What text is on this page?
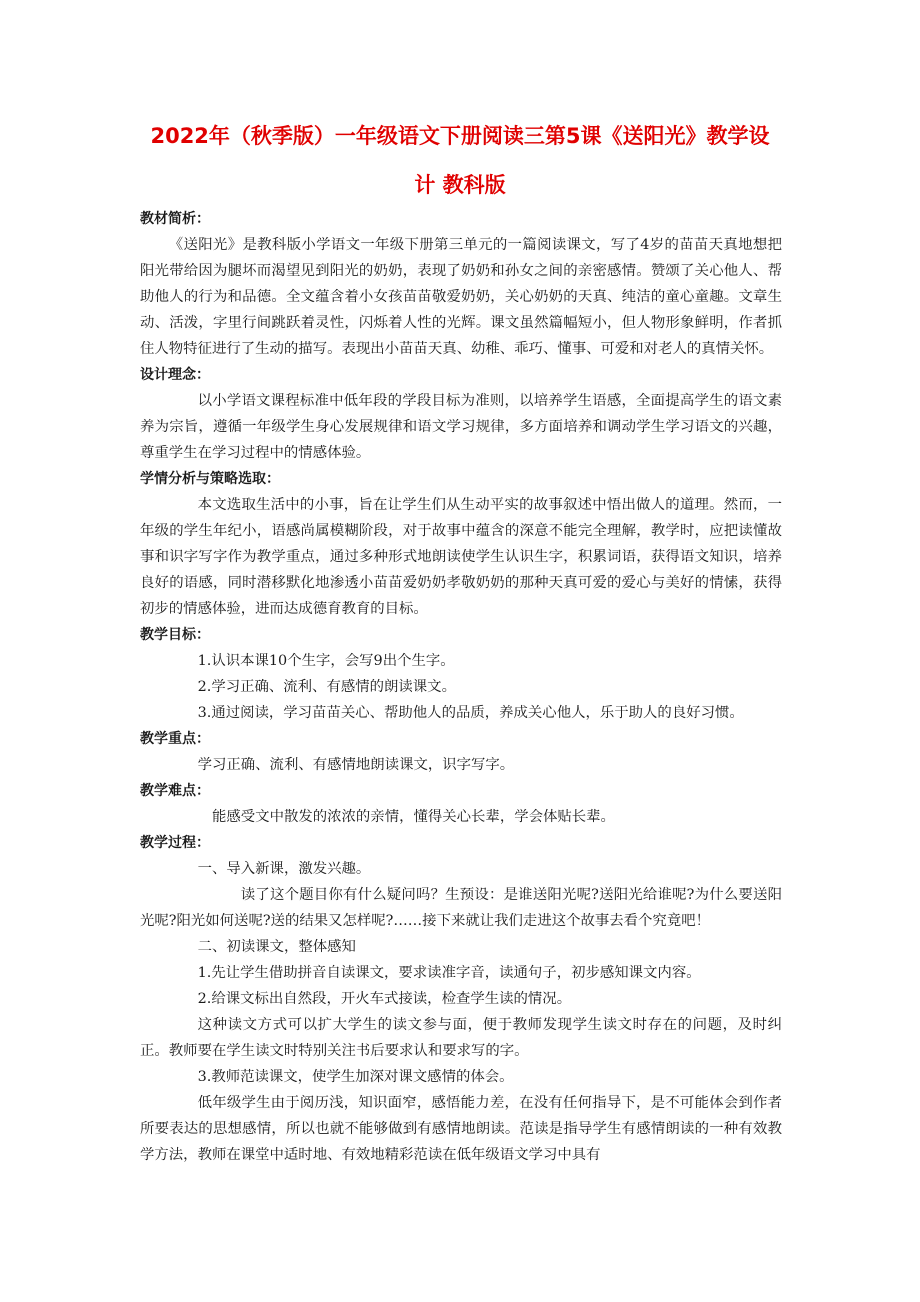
2022年（秋季版）一年级语文下册阅读三第5课《送阳光》教学设
计 教科版

教材简析：

《送阳光》是教科版小学语文一年级下册第三单元的一篇阅读课文，写了4岁的苗苗天真地想把阳光带给因为腿坏而渴望见到阳光的奶奶，表现了奶奶和孙女之间的亲密感情。赞颂了关心他人、帮助他人的行为和品德。全文蕴含着小女孩苗苗敬爱奶奶，关心奶奶的天真、纯洁的童心童趣。文章生动、活泼，字里行间跳跃着灵性，闪烁着人性的光辉。课文虽然篇幅短小，但人物形象鲜明，作者抓住人物特征进行了生动的描写。表现出小苗苗天真、幼稚、乖巧、懂事、可爱和对老人的真情关怀。

设计理念：

以小学语文课程标准中低年段的学段目标为准则，以培养学生语感，全面提高学生的语文素养为宗旨，遵循一年级学生身心发展规律和语文学习规律，多方面培养和调动学生学习语文的兴趣，尊重学生在学习过程中的情感体验。

学情分析与策略选取：

本文选取生活中的小事，旨在让学生们从生动平实的故事叙述中悟出做人的道理。然而，一年级的学生年纪小，语感尚属模糊阶段，对于故事中蕴含的深意不能完全理解，教学时，应把读懂故事和识字写字作为教学重点，通过多种形式地朗读使学生认识生字，积累词语，获得语文知识，培养良好的语感，同时潜移默化地渗透小苗苗爱奶奶孝敬奶奶的那种天真可爱的爱心与美好的情愫，获得初步的情感体验，进而达成德育教育的目标。

教学目标：

1.认识本课10个生字，会写9出个生字。

2.学习正确、流利、有感情的朗读课文。

3.通过阅读，学习苗苗关心、帮助他人的品质，养成关心他人，乐于助人的良好习惯。

教学重点：

学习正确、流利、有感情地朗读课文，识字写字。

教学难点：

能感受文中散发的浓浓的亲情，懂得关心长辈，学会体贴长辈。

教学过程：

一、导入新课，激发兴趣。

读了这个题目你有什么疑问吗？生预设：是谁送阳光呢?送阳光给谁呢?为什么要送阳光呢?阳光如何送呢?送的结果又怎样呢?……接下来就让我们走进这个故事去看个究竟吧！

二、初读课文，整体感知

1.先让学生借助拼音自读课文，要求读准字音，读通句子，初步感知课文内容。

2.给课文标出自然段，开火车式接读，检查学生读的情况。

这种读文方式可以扩大学生的读文参与面，便于教师发现学生读文时存在的问题，及时纠正。教师要在学生读文时特别关注书后要求认和要求写的字。

3.教师范读课文，使学生加深对课文感情的体会。

低年级学生由于阅历浅，知识面窄，感悟能力差，在没有任何指导下，是不可能体会到作者所要表达的思想感情，所以也就不能够做到有感情地朗读。范读是指导学生有感情朗读的一种有效教学方法，教师在课堂中适时地、有效地精彩范读在低年级语文学习中具有
